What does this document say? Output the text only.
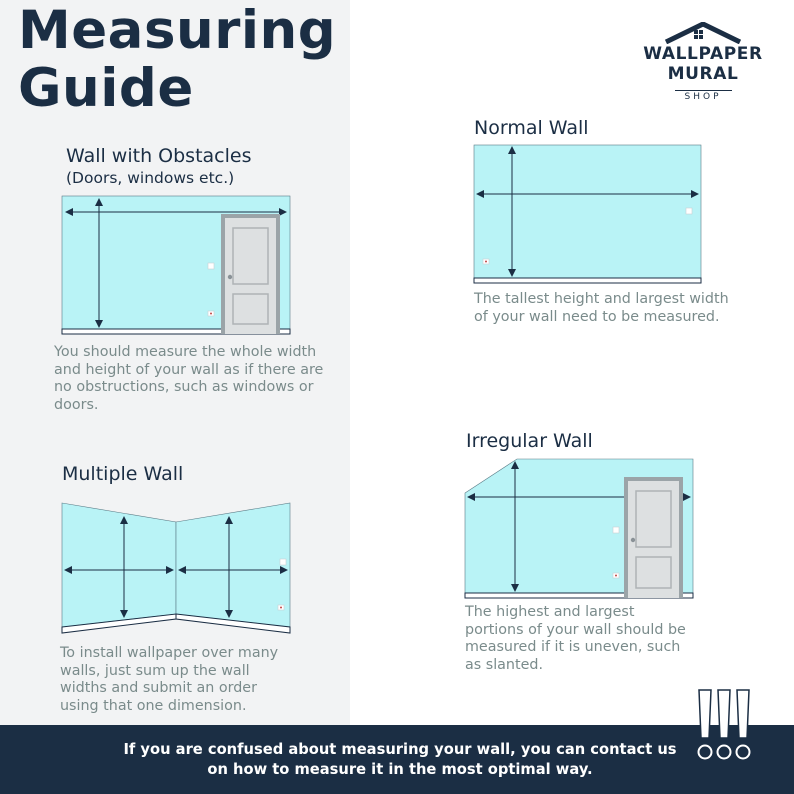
Measuring
Guide
WALLPAPER
MURAL
SHOP
Wall with Obstacles
(Doors, windows etc.)
Normal Wall
Multiple Wall
Irregular Wall
You should measure the whole width
and height of your wall as if there are
no obstructions, such as windows or
doors.
The tallest height and largest width
of your wall need to be measured.
To install wallpaper over many
walls, just sum up the wall
widths and submit an order
using that one dimension.
The highest and largest
portions of your wall should be
measured if it is uneven, such
as slanted.
If you are confused about measuring your wall, you can contact us
on how to measure it in the most optimal way.
